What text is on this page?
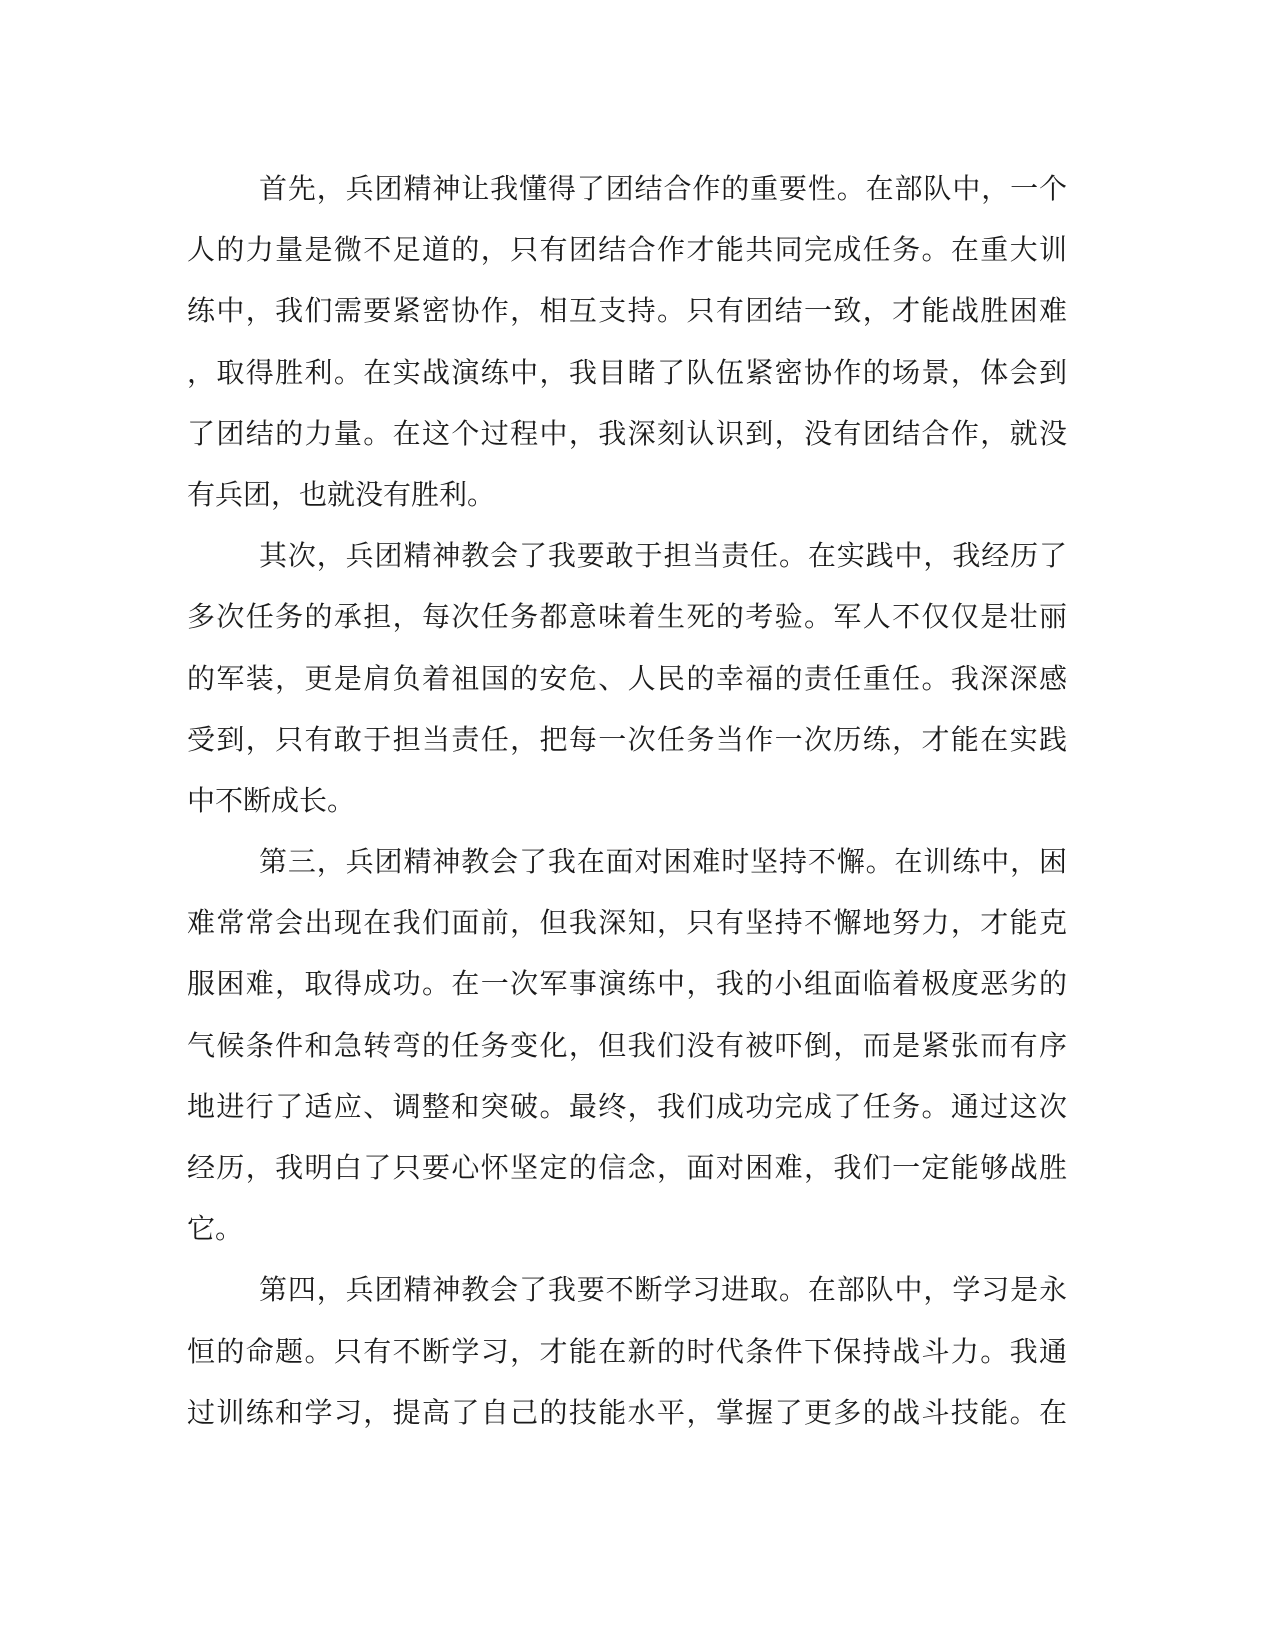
首先，兵团精神让我懂得了团结合作的重要性。在部队中，一个
人的力量是微不足道的，只有团结合作才能共同完成任务。在重大训
练中，我们需要紧密协作，相互支持。只有团结一致，才能战胜困难
，取得胜利。在实战演练中，我目睹了队伍紧密协作的场景，体会到
了团结的力量。在这个过程中，我深刻认识到，没有团结合作，就没
有兵团，也就没有胜利。
其次，兵团精神教会了我要敢于担当责任。在实践中，我经历了
多次任务的承担，每次任务都意味着生死的考验。军人不仅仅是壮丽
的军装，更是肩负着祖国的安危、人民的幸福的责任重任。我深深感
受到，只有敢于担当责任，把每一次任务当作一次历练，才能在实践
中不断成长。
第三，兵团精神教会了我在面对困难时坚持不懈。在训练中，困
难常常会出现在我们面前，但我深知，只有坚持不懈地努力，才能克
服困难，取得成功。在一次军事演练中，我的小组面临着极度恶劣的
气候条件和急转弯的任务变化，但我们没有被吓倒，而是紧张而有序
地进行了适应、调整和突破。最终，我们成功完成了任务。通过这次
经历，我明白了只要心怀坚定的信念，面对困难，我们一定能够战胜
它。
第四，兵团精神教会了我要不断学习进取。在部队中，学习是永
恒的命题。只有不断学习，才能在新的时代条件下保持战斗力。我通
过训练和学习，提高了自己的技能水平，掌握了更多的战斗技能。在
